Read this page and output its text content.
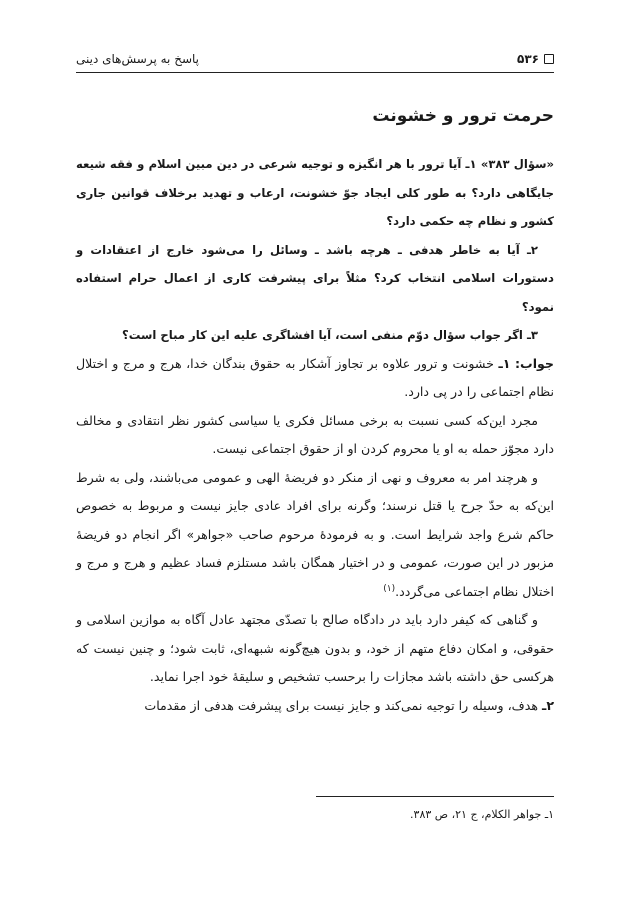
۵۳۶
پاسخ به پرسش‌های دینی
حرمت ترور و خشونت

«سؤال ۳۸۳» ۱ـ آیا ترور با هر انگیزه و توجیه شرعی در دین مبین اسلام و فقه شیعه جایگاهی دارد؟ به طور کلی ایجاد جوّ خشونت، ارعاب و تهدید برخلاف قوانین جاری کشور و نظام چه حکمی دارد؟

۲ـ آیا به خاطر هدفی ـ هرچه باشد ـ وسائل را می‌شود خارج از اعتقادات و دستورات اسلامی انتخاب کرد؟ مثلاً برای پیشرفت کاری از اعمال حرام استفاده نمود؟

۳ـ اگر جواب سؤال دوّم منفی است، آیا افشاگری علیه این کار مباح است؟

جواب: ۱ـ خشونت و ترور علاوه بر تجاوز آشکار به حقوق بندگان خدا، هرج و مرج و اختلال نظام اجتماعی را در پی دارد.

مجرد این‌که کسی نسبت به برخی مسائل فکری یا سیاسی کشور نظر انتقادی و مخالف دارد مجوّز حمله به او یا محروم کردن او از حقوق اجتماعی نیست.

و هرچند امر به معروف و نهی از منکر دو فریضهٔ الهی و عمومی می‌باشند، ولی به شرط این‌که به حدّ جرح یا قتل نرسند؛ وگرنه برای افراد عادی جایز نیست و مربوط به خصوص حاکم شرع واجد شرایط است. و به فرمودهٔ مرحوم صاحب «جواهر» اگر انجام دو فریضهٔ مزبور در این صورت، عمومی و در اختیار همگان باشد مستلزم فساد عظیم و هرج و مرج و اختلال نظام اجتماعی می‌گردد.$^{(۱)}$

و گناهی که کیفر دارد باید در دادگاه صالح با تصدّی مجتهد عادل آگاه به موازین اسلامی و حقوقی، و امکان دفاع متهم از خود، و بدون هیچ‌گونه شبهه‌ای، ثابت شود؛ و چنین نیست که هرکسی حق داشته باشد مجازات را برحسب تشخیص و سلیقهٔ خود اجرا نماید.

۲ـ هدف، وسیله را توجیه نمی‌کند و جایز نیست برای پیشرفت هدفی از مقدمات

۱ـ جواهر الکلام، ج ۲۱، ص ۳۸۳.
